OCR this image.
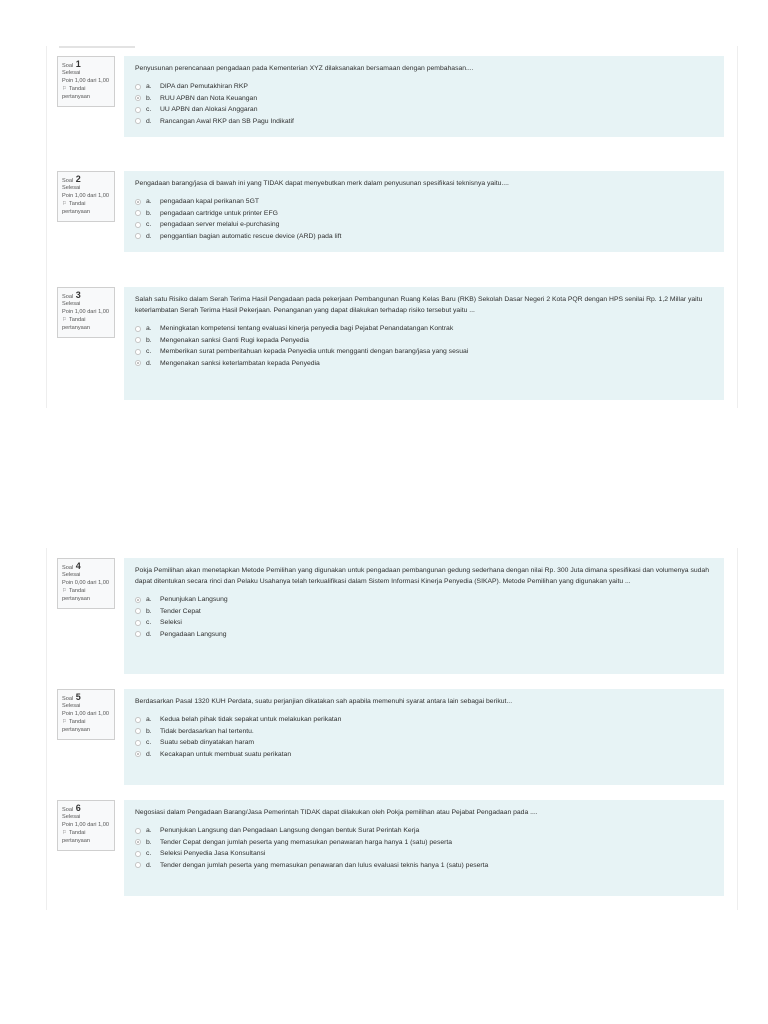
Soal 1
Selesai
Poin 1,00 dari 1,00
⚐ Tandai pertanyaan

Penyusunan perencanaan pengadaan pada Kementerian XYZ dilaksanakan bersamaan dengan pembahasan....

a.	DIPA dan Pemutakhiran RKP
b.	RUU APBN dan Nota Keuangan
c.	UU APBN dan Alokasi Anggaran
d.	Rancangan Awal RKP dan SB Pagu Indikatif
Soal 2
Selesai
Poin 1,00 dari 1,00
⚐ Tandai pertanyaan

Pengadaan barang/jasa di bawah ini yang TIDAK dapat menyebutkan merk dalam penyusunan spesifikasi teknisnya yaitu....

a.	pengadaan kapal perikanan 5GT
b.	pengadaan cartridge untuk printer EFG
c.	pengadaan server melalui e-purchasing
d.	penggantian bagian automatic rescue device (ARD) pada lift
Soal 3
Selesai
Poin 1,00 dari 1,00
⚐ Tandai pertanyaan

Salah satu Risiko dalam Serah Terima Hasil Pengadaan pada pekerjaan Pembangunan Ruang Kelas Baru (RKB) Sekolah Dasar Negeri 2 Kota PQR dengan HPS senilai Rp. 1,2 Millar yaitu keterlambatan Serah Terima Hasil Pekerjaan. Penanganan yang dapat dilakukan terhadap risiko tersebut yaitu ...

a.	Meningkatan kompetensi tentang evaluasi kinerja penyedia bagi Pejabat Penandatangan Kontrak
b.	Mengenakan sanksi Ganti Rugi kepada Penyedia
c.	Memberikan surat pemberitahuan kepada Penyedia untuk mengganti dengan barang/jasa yang sesuai
d.	Mengenakan sanksi keterlambatan kepada Penyedia
Soal 4
Selesai
Poin 0,00 dari 1,00
⚐ Tandai pertanyaan

Pokja Pemilihan akan menetapkan Metode Pemilihan yang digunakan untuk pengadaan pembangunan gedung sederhana dengan nilai Rp. 300 Juta dimana spesifikasi dan volumenya sudah dapat ditentukan secara rinci dan Pelaku Usahanya telah terkualifikasi dalam Sistem Informasi Kinerja Penyedia (SIKAP). Metode Pemilihan yang digunakan yaitu ...

a.	Penunjukan Langsung
b.	Tender Cepat
c.	Seleksi
d.	Pengadaan Langsung
Soal 5
Selesai
Poin 1,00 dari 1,00
⚐ Tandai pertanyaan

Berdasarkan Pasal 1320 KUH Perdata, suatu perjanjian dikatakan sah apabila memenuhi syarat antara lain sebagai berikut...

a.	Kedua belah pihak tidak sepakat untuk melakukan perikatan
b.	Tidak berdasarkan hal tertentu.
c.	Suatu sebab dinyatakan haram
d.	Kecakapan untuk membuat suatu perikatan
Soal 6
Selesai
Poin 1,00 dari 1,00
⚐ Tandai pertanyaan

Negosiasi dalam Pengadaan Barang/Jasa Pemerintah TIDAK dapat dilakukan oleh Pokja pemilihan atau Pejabat Pengadaan pada ....

a.	Penunjukan Langsung dan Pengadaan Langsung dengan bentuk Surat Perintah Kerja
b.	Tender Cepat dengan jumlah peserta yang memasukan penawaran harga hanya 1 (satu) peserta
c.	Seleksi Penyedia Jasa Konsultansi
d.	Tender dengan jumlah peserta yang memasukan penawaran dan lulus evaluasi teknis hanya 1 (satu) peserta
